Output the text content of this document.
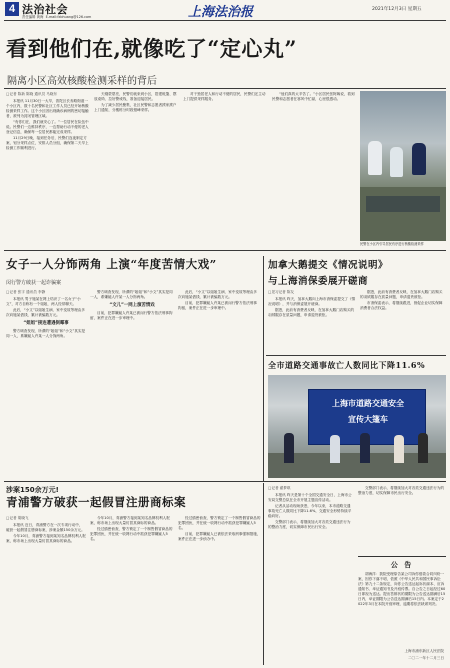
4 法治社会
责任编辑 黄海 E-mail:fzbhuang@126.com	上海法治报	2021年12月3日 星期五
看到他们在,就像吃了“定心丸”
隔离小区高效核酸检测采样的背后
□记者 陈新 陈晓 通讯员 马晓东

本报讯 11月30日一大早，普陀区长寿路街道一个小区内，数十名民警和社区工作人员已经开始核酸检测采样工作。这个小区因出现确诊病例的密切接触者，被列为封闭管理区域。

“有你们在，我们就安心了。”一位居民在队伍中说。民警们一边维持秩序，一边帮助行动不便的老人登记信息，确保每一位居民都能完成采样。

11月29日晚，接到任务后，民警们连夜制定方案，划分采样点位，安排人员分组，确保第二天早上检测工作顺利进行。

天刚蒙蒙亮，民警们就来到小区，搭建帐篷、摆放桌椅、拉好警戒线，准备迎接居民。

为了减少居民聚集，社区民警和志愿者挨家挨户上门通知，分楼栋分时段错峰采样。

对于独居老人和行动不便的居民，民警们还主动上门提供采样服务。

“他们真的太辛苦了。”小区居民张阿姨说，看到民警和志愿者在寒风中忙碌，心里很感动。

民警在小区内引导居民有序进行核酸检测采样
女子一人分饰两角 上演“年度苦情大戏”
闵行警方破获一起诈骗案
□记者 张宇 通讯员 李静

本报讯 男子施某在网上结识了一名女子“小文”，对方自称有一个姐姐，两人经常聊天。

此后，“小文”以姐姐生病、家中变故等理由多次向施某借钱，累计被骗数万元。

“姐姐”接连遭遇倒霉事

警方调查发现，所谓的“姐姐”和“小文”其实是同一人，系嫌疑人许某一人分饰两角。

警方调查发现，所谓的“姐姐”和“小文”其实是同一人，系嫌疑人许某一人分饰两角。

“文儿”一网上演苦情戏

目前，犯罪嫌疑人许某已被闵行警方依法刑事拘留，案件正在进一步审理中。

此后，“小文”以姐姐生病、家中变故等理由多次向施某借钱，累计被骗数万元。

目前，犯罪嫌疑人许某已被闵行警方依法刑事拘留，案件正在进一步审理中。

加拿大鹅提交《情况说明》
与上海消保委展开磋商
□见习记者 陈友

本报讯 昨天，加拿大鹅向上海市消保委提交了《情况说明》，并与消保委展开磋商。

据悉，此前有消费者反映，在加拿大鹅门店购买的羽绒服存在质量问题，申请退货被拒。

据悉，此前有消费者反映，在加拿大鹅门店购买的羽绒服存在质量问题，申请退货被拒。

市消保委表示，将继续跟进，督促企业切实保障消费者合法权益。

全市道路交通事故亡人数同比下降11.6%
上海市道路交通安全
宣传大篷车
涉案150余万元!
青浦警方破获一起假冒注册商标案
□记者 胡晓飞

本报讯 近日，青浦警方在一次专项行动中，破获一起假冒注册商标案，涉案金额150余万元。

今年10月，青浦警方接到某知名品牌权利人报案，称市场上出现大量仿冒其商标的商品。

今年10月，青浦警方接到某知名品牌权利人报案，称市场上出现大量仿冒其商标的商品。

经过缜密侦查，警方锁定了一个制售假冒商品的犯罪团伙，并在统一收网行动中抓获犯罪嫌疑人5名。

经过缜密侦查，警方锁定了一个制售假冒商品的犯罪团伙，并在统一收网行动中抓获犯罪嫌疑人5名。

目前，犯罪嫌疑人已被依法采取刑事强制措施，案件正在进一步侦办中。

□记者 翟梦琪

本报讯 昨天是第十个全国交通安全日，上海市公安局交警总队在全市开展主题宣传活动。

记者从活动现场获悉，今年以来，本市道路交通事故死亡人数同比下降11.6%，交通安全形势持续平稳向好。

交警部门表示，将继续加大对各类交通违法行为的整治力度，切实保障市民出行安全。

交警部门表示，将继续加大对各类交通违法行为的整治力度，切实保障市民出行安全。

公 告
胡海洋：我院受理原告某公司诉你借款合同纠纷一案，因你下落不明，依照《中华人民共和国民事诉讼法》第九十二条规定，向你公告送达起诉状副本、应诉通知书、举证通知书及开庭传票。自公告之日起经过60日即视为送达。提出答辩状的期限为公告送达期满后15日内，举证期限为公告送达期满后15日内。本案定于2022年3月在本院开庭审理，逾期将依法缺席判决。
上海市浦东新区人民法院
二〇二一年十二月三日
